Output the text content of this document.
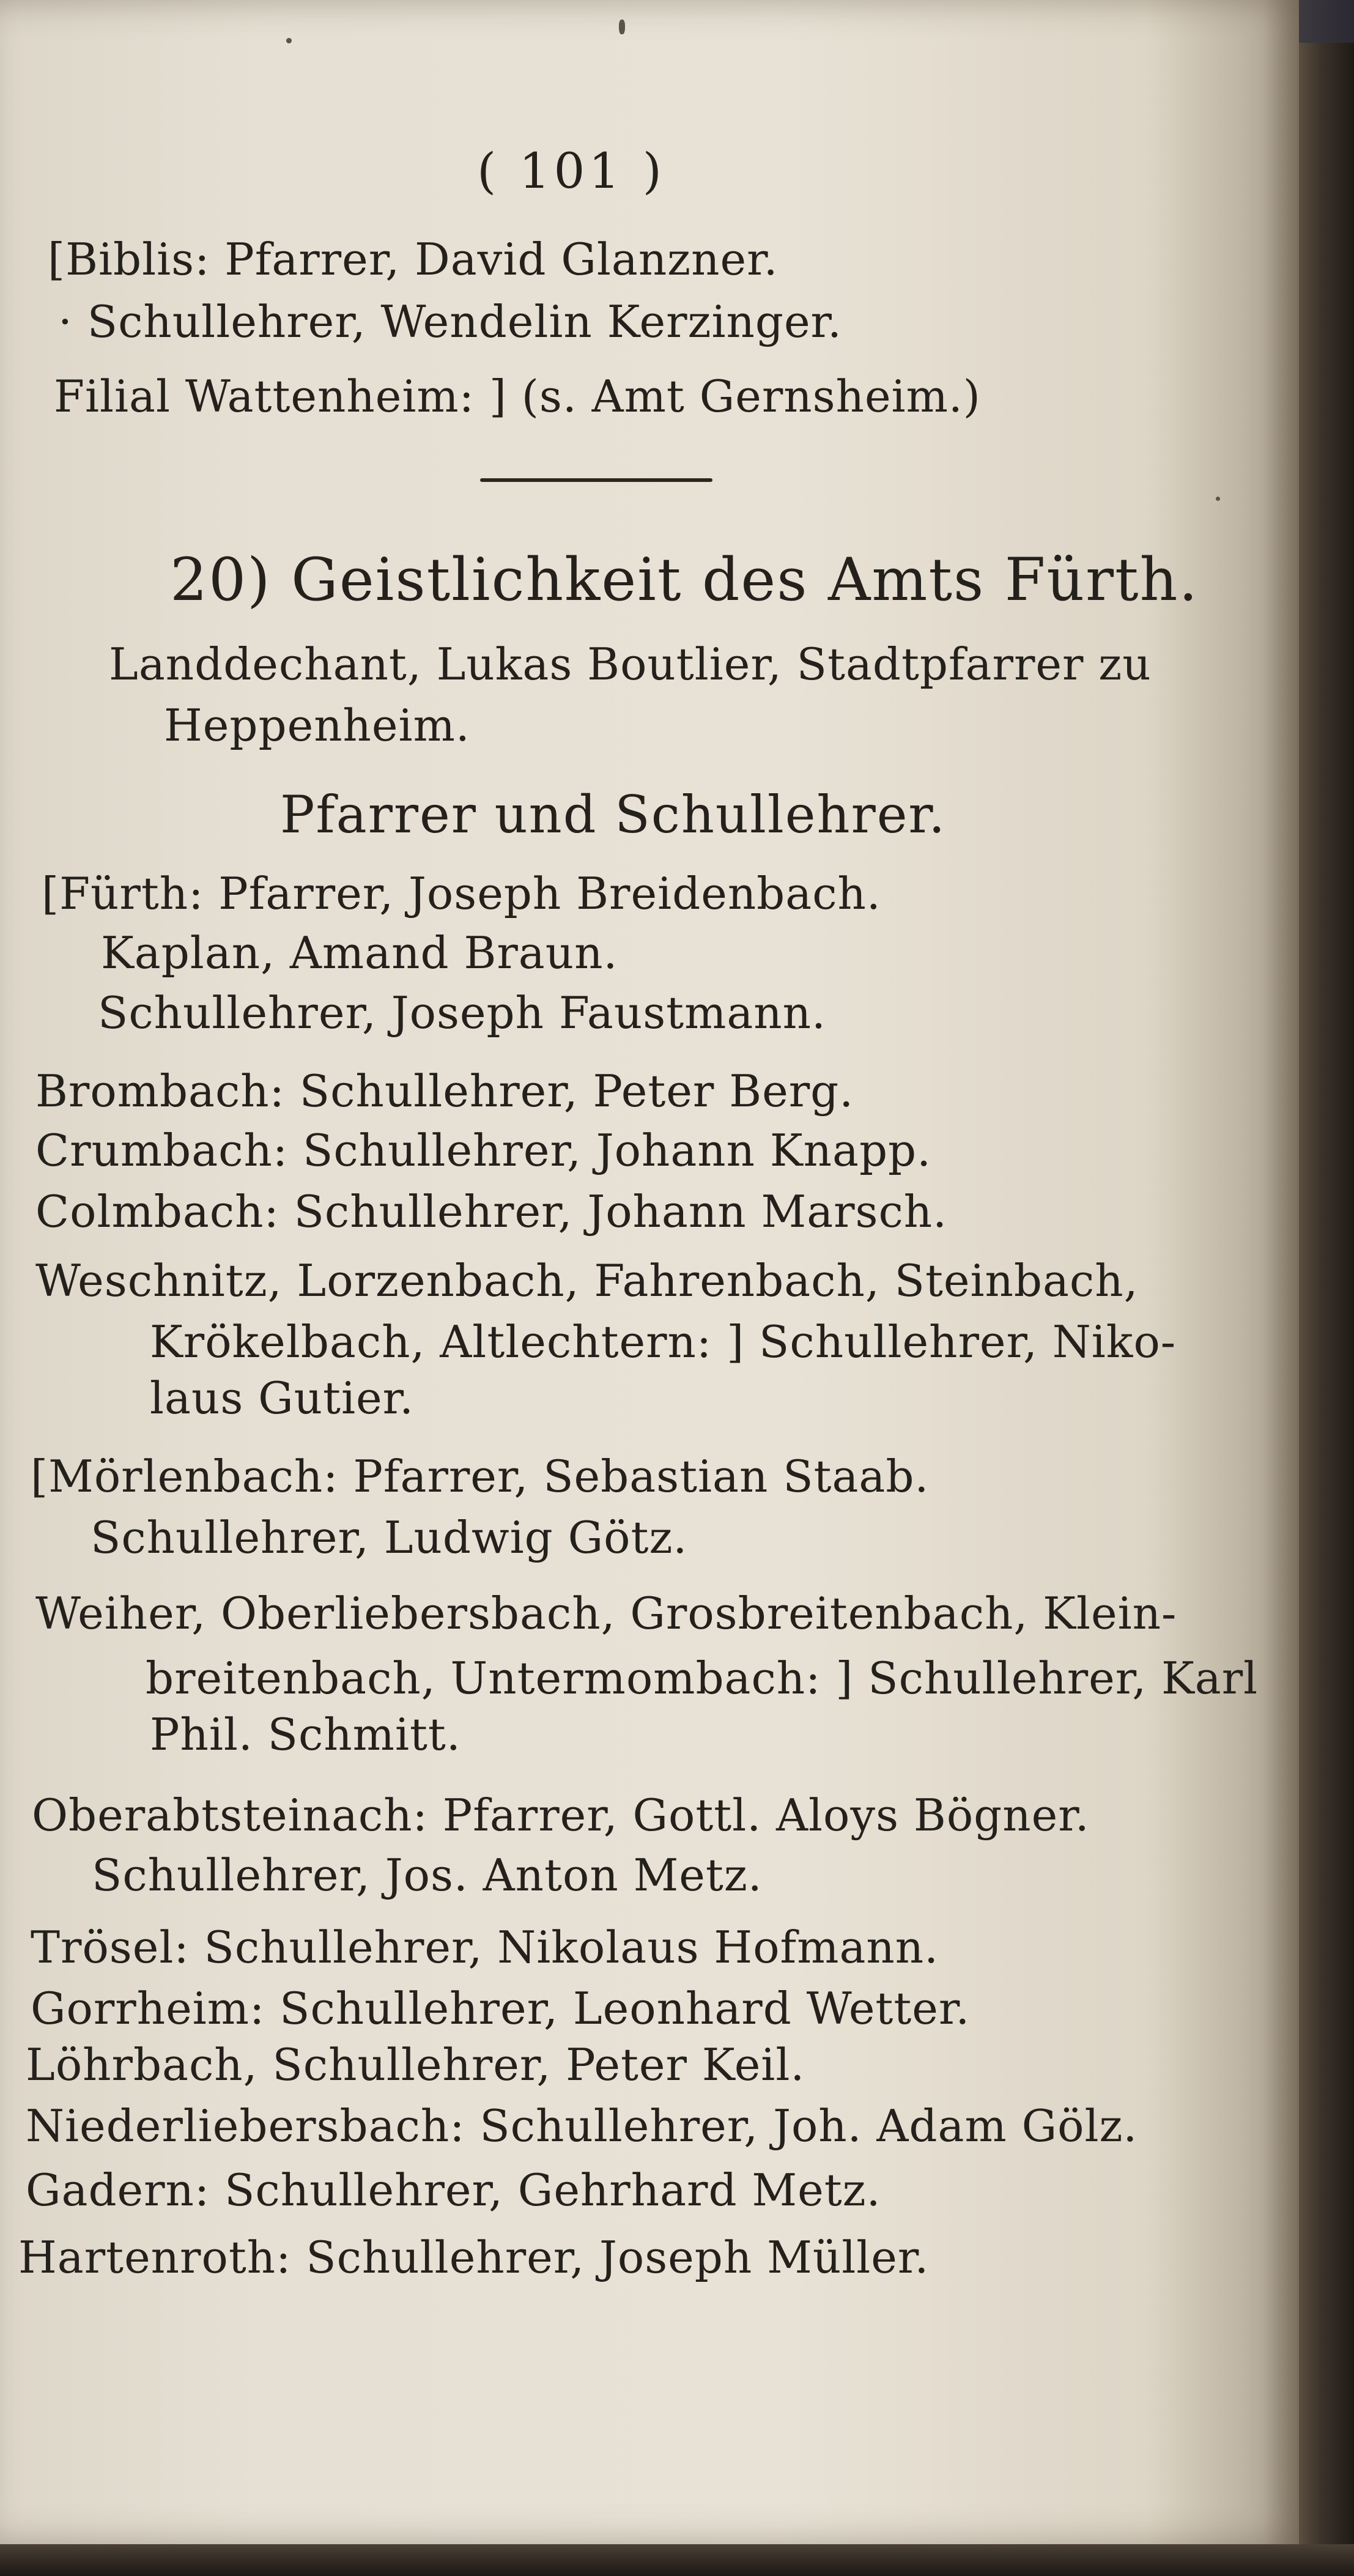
( 101 )
[Biblis: Pfarrer, David Glanzner.
· Schullehrer, Wendelin Kerzinger.
Filial Wattenheim: ] (s. Amt Gernsheim.)
20) Geistlichkeit des Amts Fürth.
Landdechant, Lukas Boutlier, Stadtpfarrer zu
Heppenheim.
Pfarrer und Schullehrer.
[Fürth: Pfarrer, Joseph Breidenbach.
Kaplan, Amand Braun.
Schullehrer, Joseph Faustmann.
Brombach: Schullehrer, Peter Berg.
Crumbach: Schullehrer, Johann Knapp.
Colmbach: Schullehrer, Johann Marsch.
Weschnitz, Lorzenbach, Fahrenbach, Steinbach,
Krökelbach, Altlechtern: ] Schullehrer, Niko-
laus Gutier.
[Mörlenbach: Pfarrer, Sebastian Staab.
Schullehrer, Ludwig Götz.
Weiher, Oberliebersbach, Grosbreitenbach, Klein-
breitenbach, Untermombach: ] Schullehrer, Karl
Phil. Schmitt.
Oberabtsteinach: Pfarrer, Gottl. Aloys Bögner.
Schullehrer, Jos. Anton Metz.
Trösel: Schullehrer, Nikolaus Hofmann.
Gorrheim: Schullehrer, Leonhard Wetter.
Löhrbach, Schullehrer, Peter Keil.
Niederliebersbach: Schullehrer, Joh. Adam Gölz.
Gadern: Schullehrer, Gehrhard Metz.
Hartenroth: Schullehrer, Joseph Müller.
